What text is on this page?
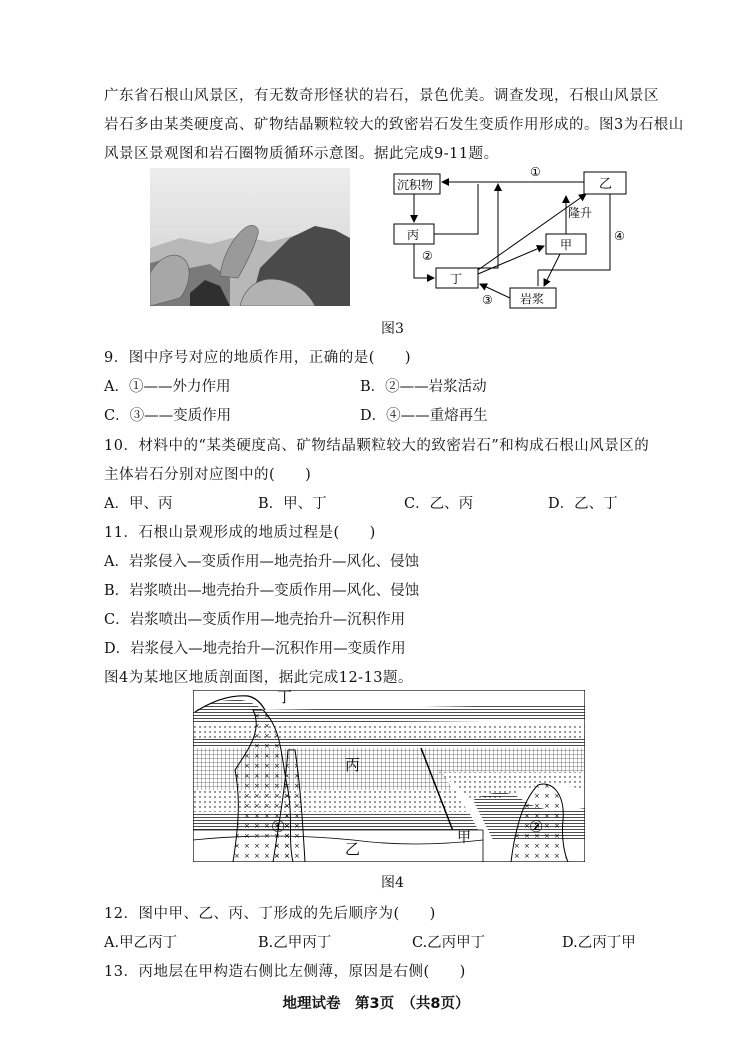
广东省石根山风景区，有无数奇形怪状的岩石，景色优美。调查发现，石根山风景区
岩石多由某类硬度高、矿物结晶颗粒较大的致密岩石发生变质作用形成的。图3为石根山
风景区景观图和岩石圈物质循环示意图。据此完成9-11题。
沉积物	乙
丙
甲
丁
岩浆
①
②
③
④
隆升
图3
9．图中序号对应的地质作用，正确的是(　　)
A．①——外力作用	B．②——岩浆活动
C．③——变质作用	D．④——重熔再生
10．材料中的“某类硬度高、矿物结晶颗粒较大的致密岩石”和构成石根山风景区的
主体岩石分别对应图中的(　　)
A．甲、丙	B．甲、丁	C．乙、丙	D．乙、丁
11．石根山景观形成的地质过程是(　　)
A．岩浆侵入—变质作用—地壳抬升—风化、侵蚀
B．岩浆喷出—地壳抬升—变质作用—风化、侵蚀
C．岩浆喷出—变质作用—地壳抬升—沉积作用
D．岩浆侵入—地壳抬升—沉积作用—变质作用
图4为某地区地质剖面图，据此完成12-13题。
丁
丙
乙
甲
①	②
图4
12．图中甲、乙、丙、丁形成的先后顺序为(　　)
A.甲乙丙丁	B.乙甲丙丁	C.乙丙甲丁	D.乙丙丁甲
13．丙地层在甲构造右侧比左侧薄，原因是右侧(　　)
地理试卷　第3页　（共8页）
